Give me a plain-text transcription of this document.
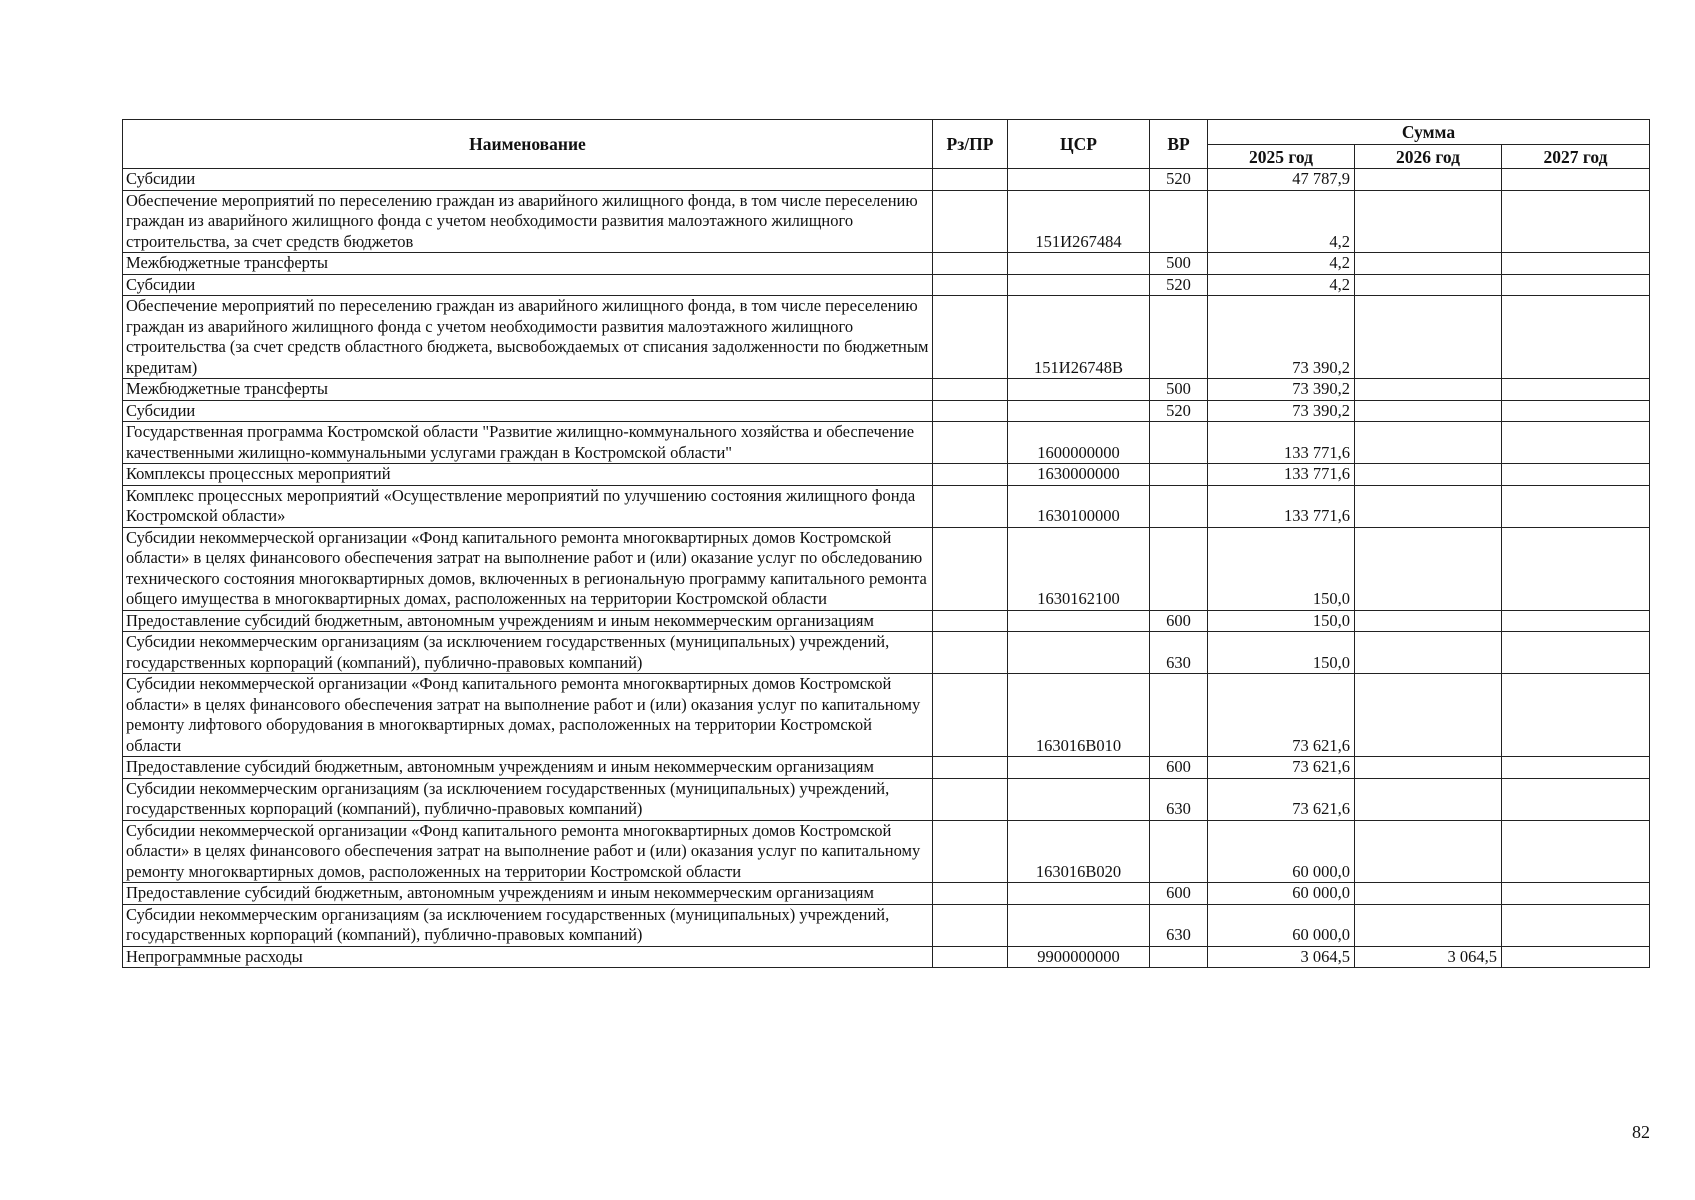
Наименование	Рз/ПР	ЦСР	ВР	Сумма		
				2025 год	2026 год	2027 год
Субсидии			520	47 787,9		
Обеспечение мероприятий по переселению граждан из аварийного жилищного фонда, в том числе переселению граждан из аварийного жилищного фонда с учетом необходимости развития малоэтажного жилищного строительства, за счет средств бюджетов		151И267484		4,2		
Межбюджетные трансферты			500	4,2		
Субсидии			520	4,2		
Обеспечение мероприятий по переселению граждан из аварийного жилищного фонда, в том числе переселению граждан из аварийного жилищного фонда с учетом необходимости развития малоэтажного жилищного строительства (за счет средств областного бюджета, высвобождаемых от списания задолженности по бюджетным кредитам)		151И26748В		73 390,2		
Межбюджетные трансферты			500	73 390,2		
Субсидии			520	73 390,2		
Государственная программа Костромской области "Развитие жилищно-коммунального хозяйства и обеспечение качественными жилищно-коммунальными услугами граждан в Костромской области"		1600000000		133 771,6		
Комплексы процессных мероприятий		1630000000		133 771,6		
Комплекс процессных мероприятий «Осуществление мероприятий по улучшению состояния жилищного фонда Костромской области»		1630100000		133 771,6		
Субсидии некоммерческой организации «Фонд капитального ремонта многоквартирных домов Костромской области» в целях финансового обеспечения затрат на выполнение работ и (или) оказание услуг по обследованию технического состояния многоквартирных домов, включенных в региональную программу капитального ремонта общего имущества в многоквартирных домах, расположенных на территории Костромской области		1630162100		150,0		
Предоставление субсидий бюджетным, автономным учреждениям и иным некоммерческим организациям			600	150,0		
Субсидии некоммерческим организациям (за исключением государственных (муниципальных) учреждений, государственных корпораций (компаний), публично-правовых компаний)			630	150,0		
Субсидии некоммерческой организации «Фонд капитального ремонта многоквартирных домов Костромской области» в целях финансового обеспечения затрат на выполнение работ и (или) оказания услуг по капитальному ремонту лифтового оборудования в многоквартирных домах, расположенных на территории Костромской области		163016В010		73 621,6		
Предоставление субсидий бюджетным, автономным учреждениям и иным некоммерческим организациям			600	73 621,6		
Субсидии некоммерческим организациям (за исключением государственных (муниципальных) учреждений, государственных корпораций (компаний), публично-правовых компаний)			630	73 621,6		
Субсидии некоммерческой организации «Фонд капитального ремонта многоквартирных домов Костромской области» в целях финансового обеспечения затрат на выполнение работ и (или) оказания услуг по капитальному ремонту многоквартирных домов, расположенных на территории Костромской области		163016В020		60 000,0		
Предоставление субсидий бюджетным, автономным учреждениям и иным некоммерческим организациям			600	60 000,0		
Субсидии некоммерческим организациям (за исключением государственных (муниципальных) учреждений, государственных корпораций (компаний), публично-правовых компаний)			630	60 000,0		
Непрограммные расходы		9900000000		3 064,5	3 064,5	
82
